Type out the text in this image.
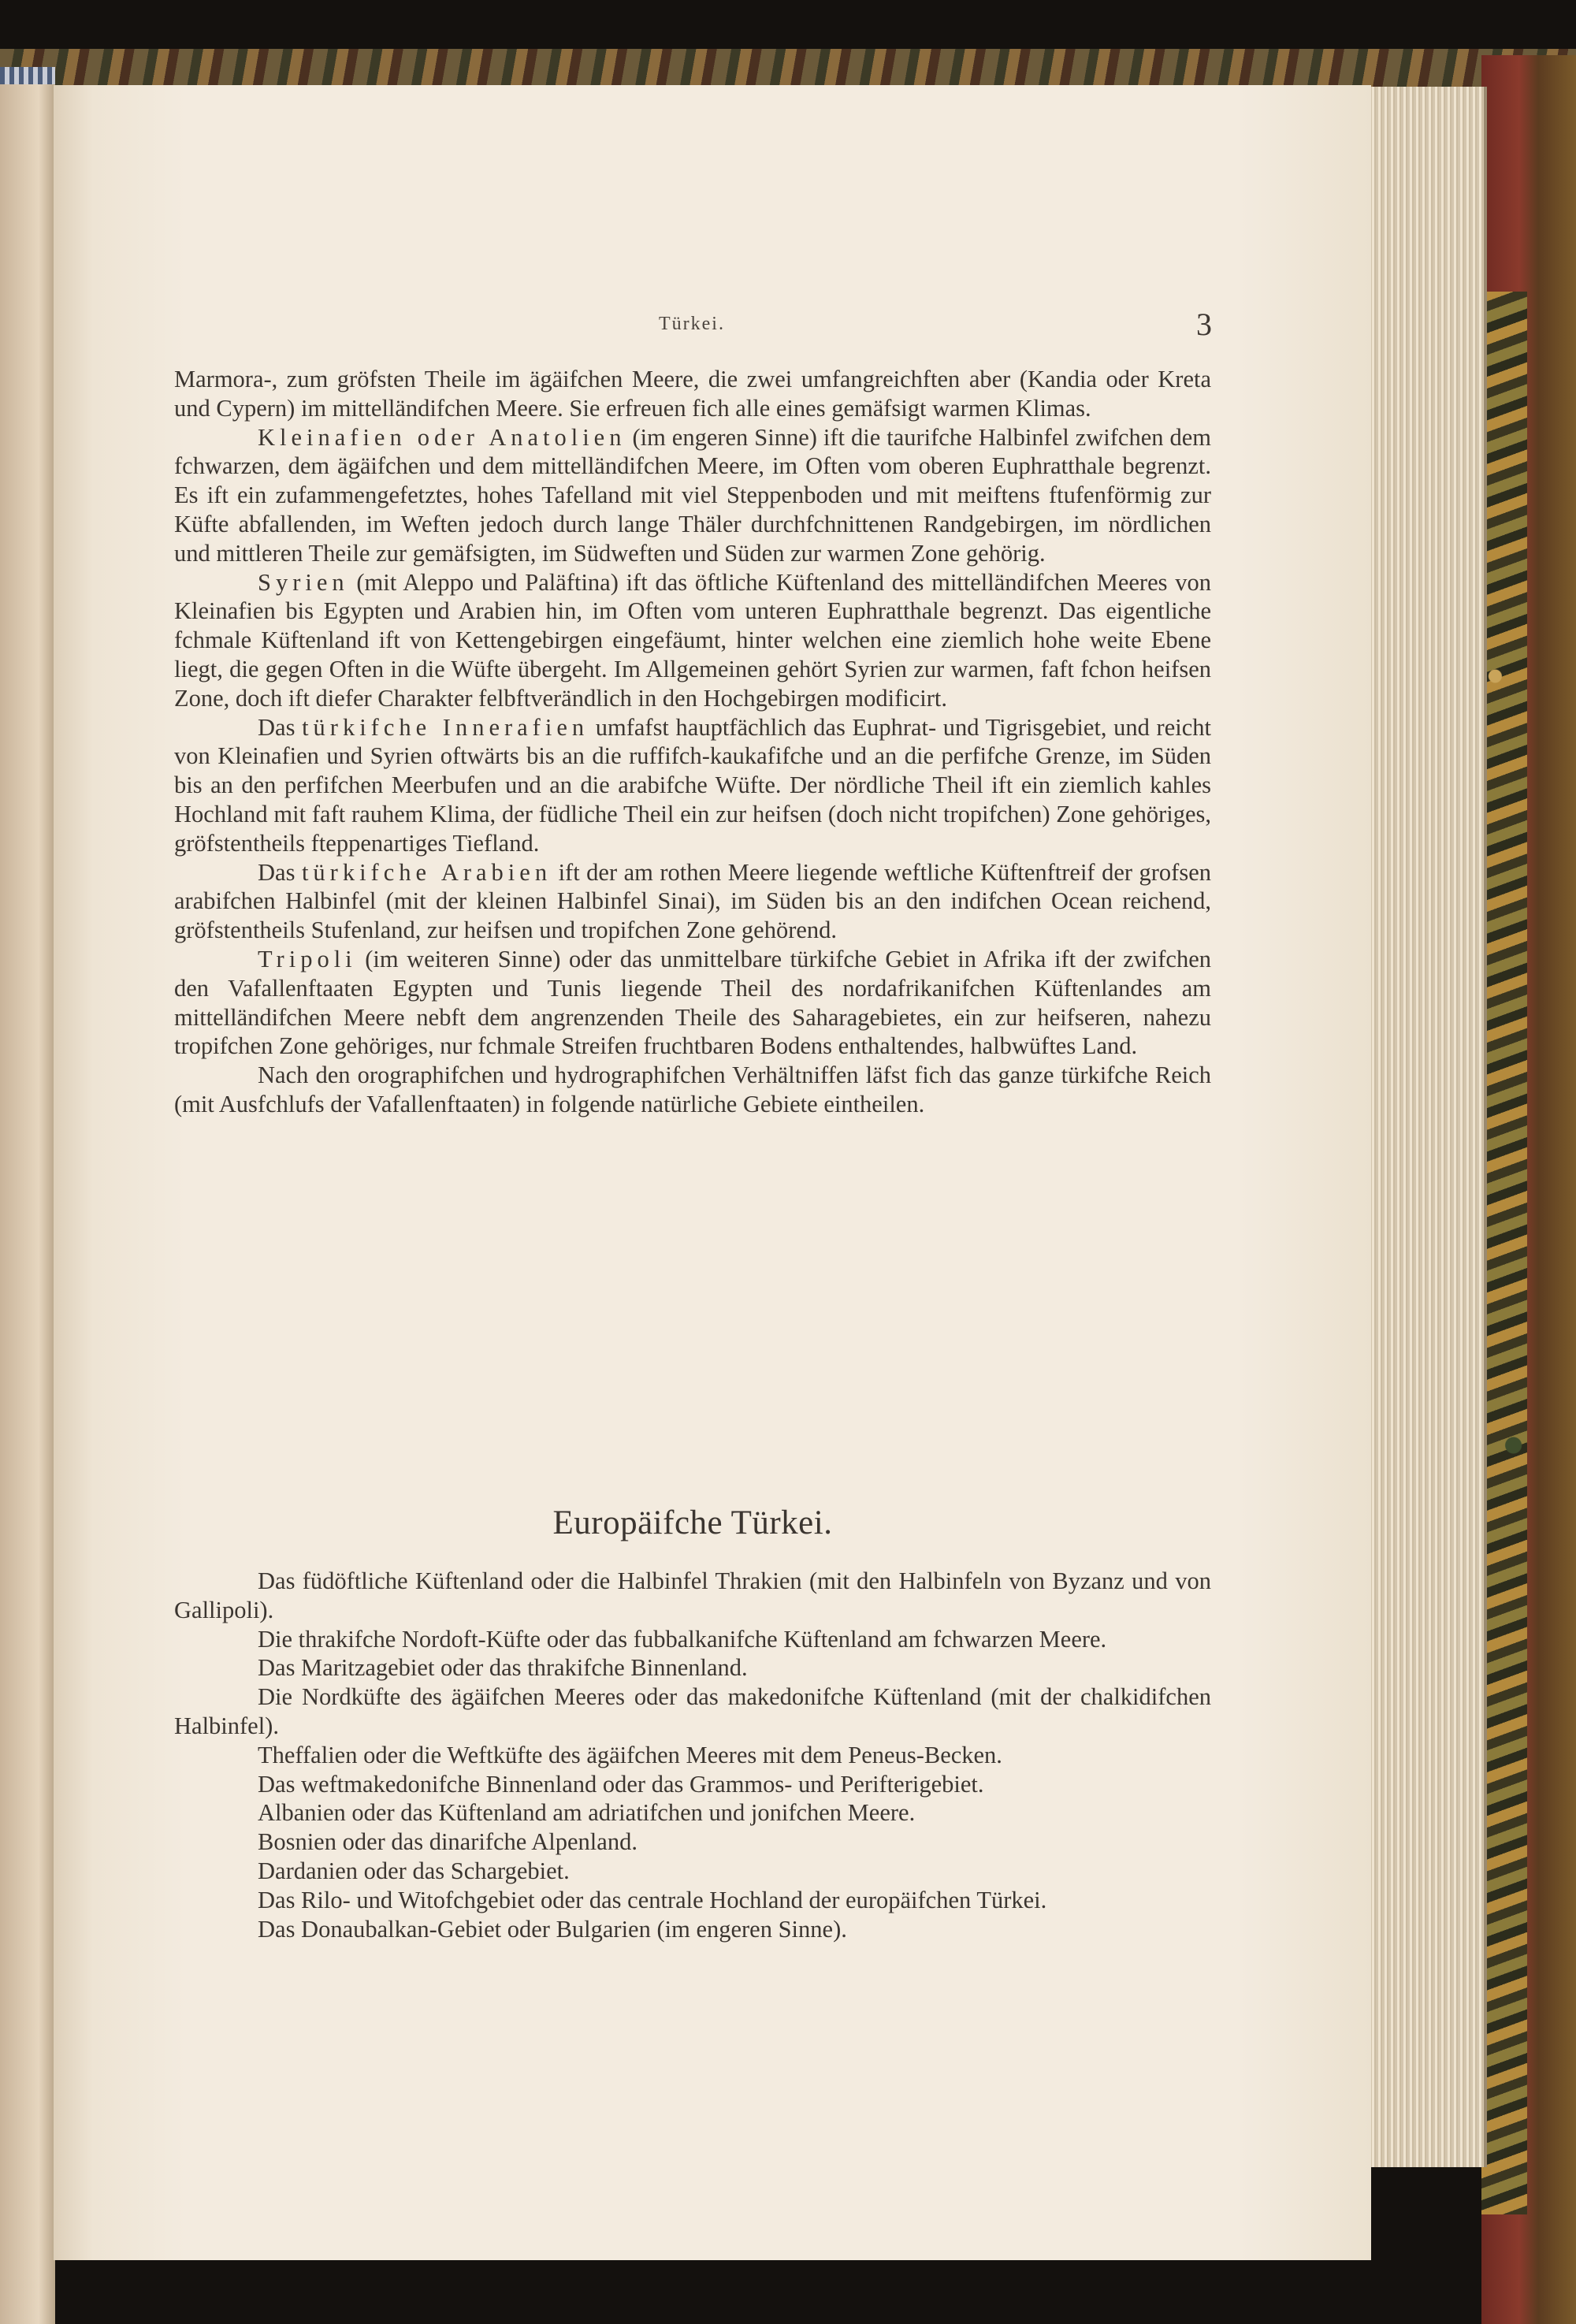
Türkei.	3

Marmora-, zum gröfsten Theile im ägäifchen Meere, die zwei umfangreichften aber (Kandia oder Kreta und Cypern) im mittelländifchen Meere. Sie erfreuen fich alle eines gemäfsigt warmen Klimas.

Kleinafien oder Anatolien (im engeren Sinne) ift die taurifche Halbinfel zwifchen dem fchwarzen, dem ägäifchen und dem mittelländifchen Meere, im Often vom oberen Euphratthale begrenzt. Es ift ein zufammengefetztes, hohes Tafelland mit viel Steppenboden und mit meiftens ftufenförmig zur Küfte abfallenden, im Weften jedoch durch lange Thäler durchfchnittenen Randgebirgen, im nördlichen und mittleren Theile zur gemäfsigten, im Südweften und Süden zur warmen Zone gehörig.

Syrien (mit Aleppo und Paläftina) ift das öftliche Küftenland des mittelländifchen Meeres von Kleinafien bis Egypten und Arabien hin, im Often vom unteren Euphratthale begrenzt. Das eigentliche fchmale Küftenland ift von Kettengebirgen eingefäumt, hinter welchen eine ziemlich hohe weite Ebene liegt, die gegen Often in die Wüfte übergeht. Im Allgemeinen gehört Syrien zur warmen, faft fchon heifsen Zone, doch ift diefer Charakter felbftverändlich in den Hochgebirgen modificirt.

Das türkifche Innerafien umfafst hauptfächlich das Euphrat- und Tigrisgebiet, und reicht von Kleinafien und Syrien oftwärts bis an die ruffifch-kaukafifche und an die perfifche Grenze, im Süden bis an den perfifchen Meerbufen und an die arabifche Wüfte. Der nördliche Theil ift ein ziemlich kahles Hochland mit faft rauhem Klima, der füdliche Theil ein zur heifsen (doch nicht tropifchen) Zone gehöriges, gröfstentheils fteppenartiges Tiefland.

Das türkifche Arabien ift der am rothen Meere liegende weftliche Küftenftreif der grofsen arabifchen Halbinfel (mit der kleinen Halbinfel Sinai), im Süden bis an den indifchen Ocean reichend, gröfstentheils Stufenland, zur heifsen und tropifchen Zone gehörend.

Tripoli (im weiteren Sinne) oder das unmittelbare türkifche Gebiet in Afrika ift der zwifchen den Vafallenftaaten Egypten und Tunis liegende Theil des nordafrikanifchen Küftenlandes am mittelländifchen Meere nebft dem angrenzenden Theile des Saharagebietes, ein zur heifseren, nahezu tropifchen Zone gehöriges, nur fchmale Streifen fruchtbaren Bodens enthaltendes, halbwüftes Land.

Nach den orographifchen und hydrographifchen Verhältniffen läfst fich das ganze türkifche Reich (mit Ausfchlufs der Vafallenftaaten) in folgende natürliche Gebiete eintheilen.

Europäifche Türkei.

Das füdöftliche Küftenland oder die Halbinfel Thrakien (mit den Halbinfeln von Byzanz und von Gallipoli).

Die thrakifche Nordoft-Küfte oder das fubbalkanifche Küftenland am fchwarzen Meere.

Das Maritzagebiet oder das thrakifche Binnenland.

Die Nordküfte des ägäifchen Meeres oder das makedonifche Küftenland (mit der chalkidifchen Halbinfel).

Theffalien oder die Weftküfte des ägäifchen Meeres mit dem Peneus-Becken.

Das weftmakedonifche Binnenland oder das Grammos- und Perifterigebiet.

Albanien oder das Küftenland am adriatifchen und jonifchen Meere.

Bosnien oder das dinarifche Alpenland.

Dardanien oder das Schargebiet.

Das Rilo- und Witofchgebiet oder das centrale Hochland der europäifchen Türkei.

Das Donaubalkan-Gebiet oder Bulgarien (im engeren Sinne).
